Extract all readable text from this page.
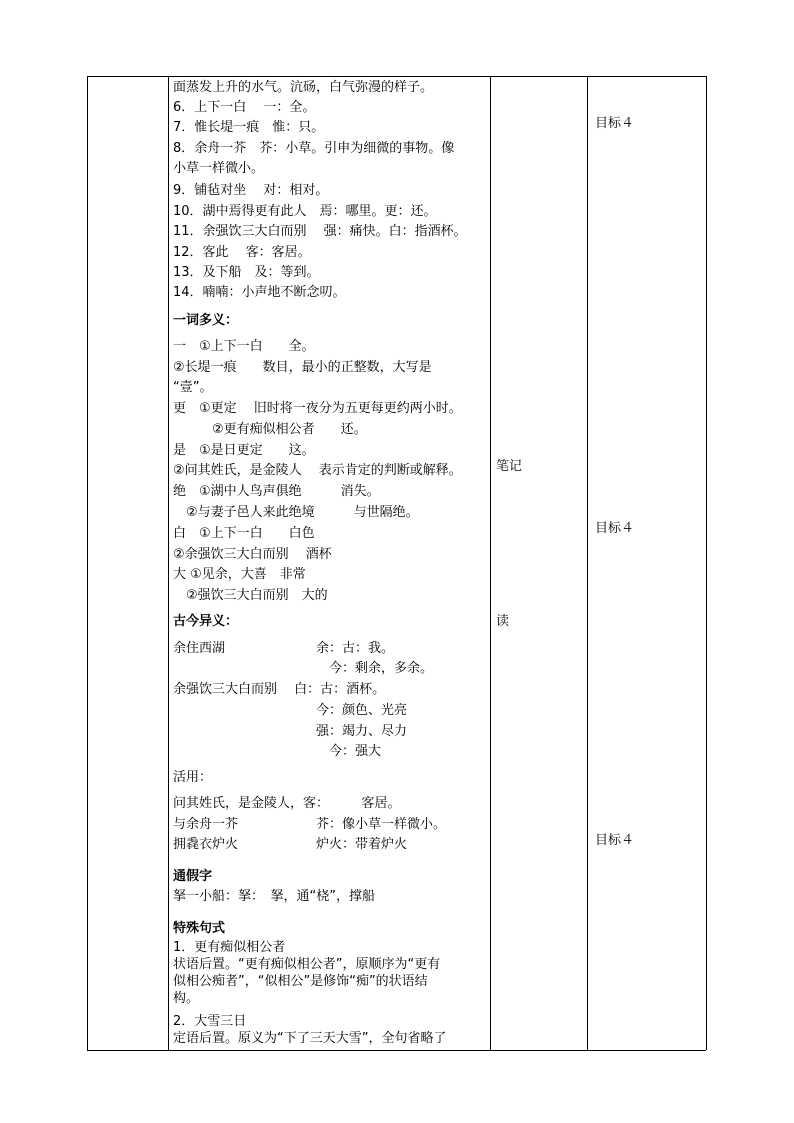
面蒸发上升的水气。沆砀，白气弥漫的样子。
6．上下一白　 一：全。
7．惟长堤一痕　惟：只。
8．余舟一芥　芥：小草。引申为细微的事物。像
小草一样微小。
9．铺毡对坐　 对：相对。
10．湖中焉得更有此人　焉：哪里。更：还。
11．余强饮三大白而别　 强：痛快。白：指酒杯。
12．客此　 客：客居。
13．及下船　及：等到。
14．喃喃：小声地不断念叨。
一词多义：
一　①上下一白　　全。
②长堤一痕　　数目，最小的正整数，大写是
“壹”。
更　①更定　 旧时将一夜分为五更每更约两小时。
　　　②更有痴似相公者　　还。
是　①是日更定　　这。
②问其姓氏，是金陵人　 表示肯定的判断或解释。
绝　①湖中人鸟声俱绝　　　消失。
　②与妻子邑人来此绝境　　　与世隔绝。
白　①上下一白　　白色
②余强饮三大白而别　 酒杯
大 ①见余，大喜　非常
　②强饮三大白而别　大的
古今异义：
余住西湖　　　　　　　余：古：我。
　　　　　　　　　　　　今：剩余，多余。
余强饮三大白而别　 白：古：酒杯。
　　　　　　　　　　　今：颜色、光亮
　　　　　　　　　　　强：竭力、尽力
　　　　　　　　　　　　今：强大
活用：
问其姓氏，是金陵人，客：　　　客居。
与余舟一芥　　　　　　芥：像小草一样微小。
拥毳衣炉火　　　　　　炉火：带着炉火
通假字
拏一小船：拏：　拏，通“桡”，撑船
特殊句式
1．更有痴似相公者
状语后置。“更有痴似相公者”，原顺序为“更有
似相公痴者”，“似相公”是修饰“痴”的状语结
构。
2．大雪三日
定语后置。原义为“下了三天大雪”，全句省略了
笔记
读
目标４
目标４
目标４
